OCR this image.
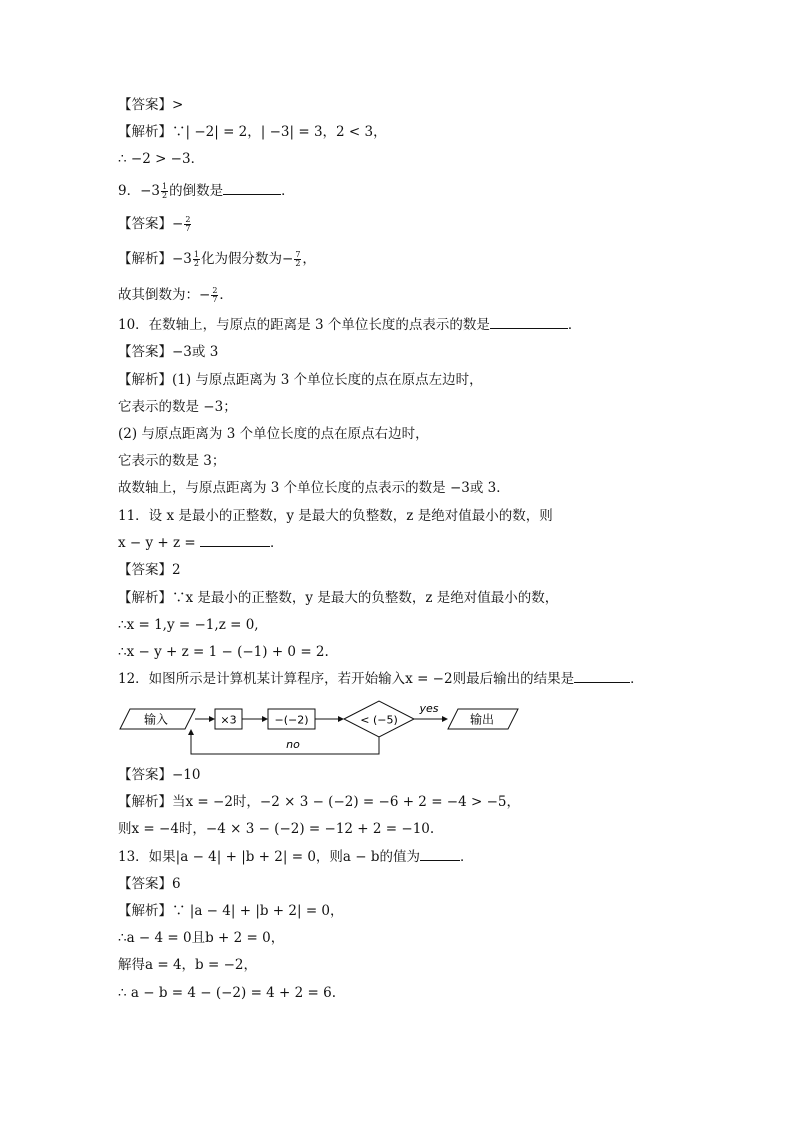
【答案】>
【解析】∵| −2| = 2，| −3| = 3，2 < 3，
∴ −2 > −3．
9．$-3 \frac{1}{2}$ 的倒数是	．
【答案】− $\frac{2}{7}$
【解析】$-3 \frac{1}{2}$ 化为假分数为− $\frac{7}{2}$ ，
故其倒数为：− $\frac{2}{7}$ ．
10．在数轴上，与原点的距离是 3 个单位长度的点表示的数是	．
【答案】−3或 3
【解析】(1) 与原点距离为 3 个单位长度的点在原点左边时，
它表示的数是 −3；
(2) 与原点距离为 3 个单位长度的点在原点右边时，
它表示的数是 3；
故数轴上，与原点距离为 3 个单位长度的点表示的数是 −3或 3．
11．设 x 是最小的正整数，y 是最大的负整数，z 是绝对值最小的数，则
x − y + z =	．
【答案】2
【解析】∵x 是最小的正整数，y 是最大的负整数，z 是绝对值最小的数，
∴x = 1,y = −1,z = 0,
∴x − y + z = 1 − (−1) + 0 = 2.
12．如图所示是计算机某计算程序，若开始输入x = −2则最后输出的结果是	．
输入	×3	−(−2)	< (−5)
yes
输出
no
【答案】−10
【解析】当x = −2时，−2 × 3 − (−2) = −6 + 2 = −4 > −5，
则x = −4时，−4 × 3 − (−2) = −12 + 2 = −10.
13．如果|a − 4| + |b + 2| = 0，则a − b的值为	．
【答案】6
【解析】∵ |a − 4| + |b + 2| = 0，
∴a − 4 = 0且b + 2 = 0，
解得a = 4，b = −2，
∴ a − b = 4 − (−2) = 4 + 2 = 6.
